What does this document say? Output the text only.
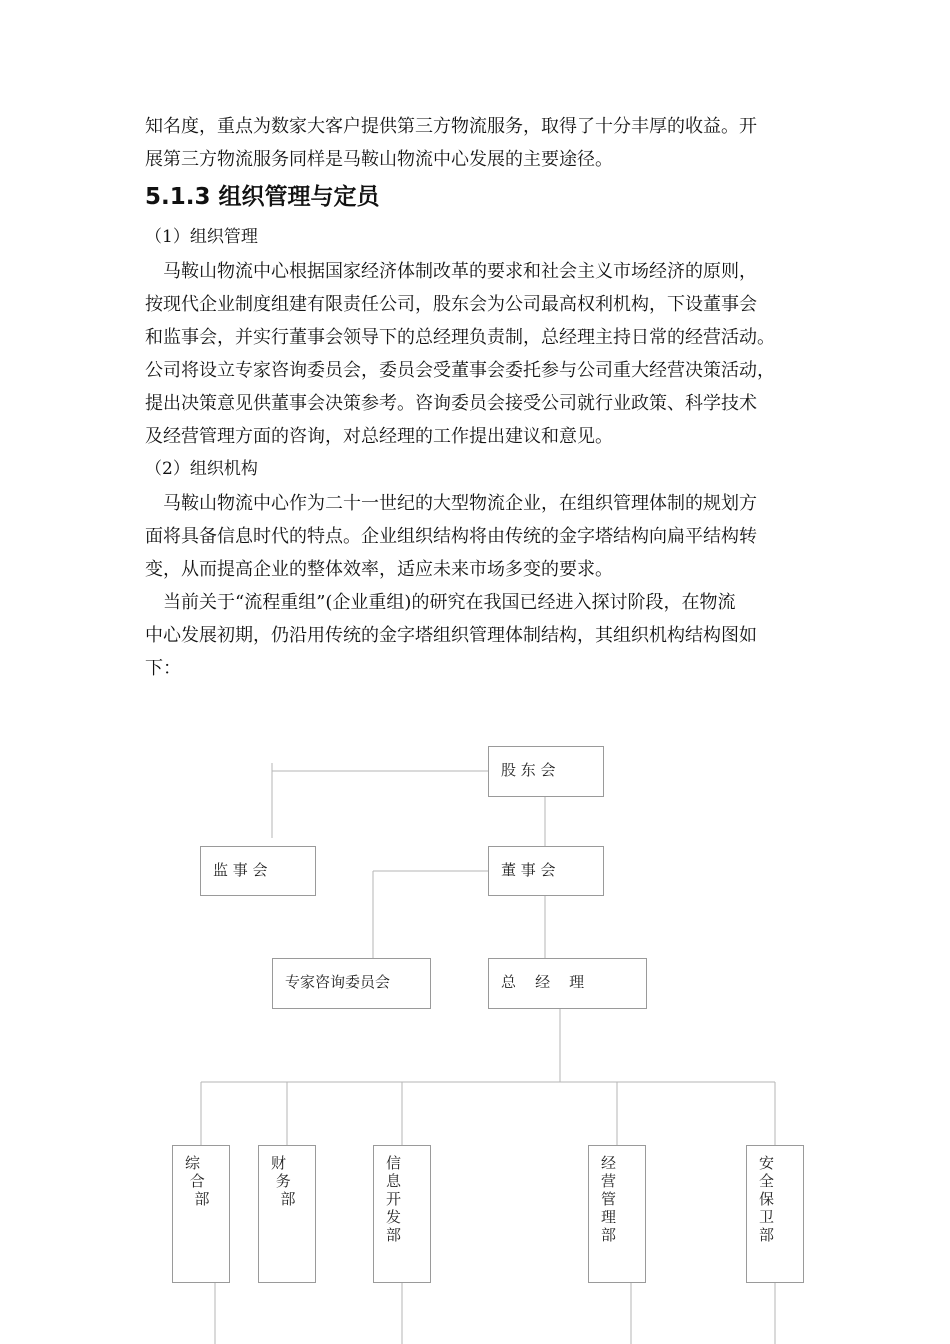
知名度，重点为数家大客户提供第三方物流服务，取得了十分丰厚的收益。开

展第三方物流服务同样是马鞍山物流中心发展的主要途径。

5.1.3 组织管理与定员

（1）组织管理

马鞍山物流中心根据国家经济体制改革的要求和社会主义市场经济的原则，

按现代企业制度组建有限责任公司，股东会为公司最高权利机构，下设董事会

和监事会，并实行董事会领导下的总经理负责制，总经理主持日常的经营活动。

公司将设立专家咨询委员会，委员会受董事会委托参与公司重大经营决策活动，

提出决策意见供董事会决策参考。咨询委员会接受公司就行业政策、科学技术

及经营管理方面的咨询，对总经理的工作提出建议和意见。

（2）组织机构

马鞍山物流中心作为二十一世纪的大型物流企业，在组织管理体制的规划方

面将具备信息时代的特点。企业组织结构将由传统的金字塔结构向扁平结构转

变，从而提高企业的整体效率，适应未来市场多变的要求。

当前关于“流程重组”(企业重组)的研究在我国已经进入探讨阶段，在物流

中心发展初期，仍沿用传统的金字塔组织管理体制结构，其组织机构结构图如

下：

股 东 会
监 事 会	董 事 会
专家咨询委员会	总    经    理
综
合
部
财
务
部
信
息
开
发
部
经
营
管
理
部
安
全
保
卫
部
